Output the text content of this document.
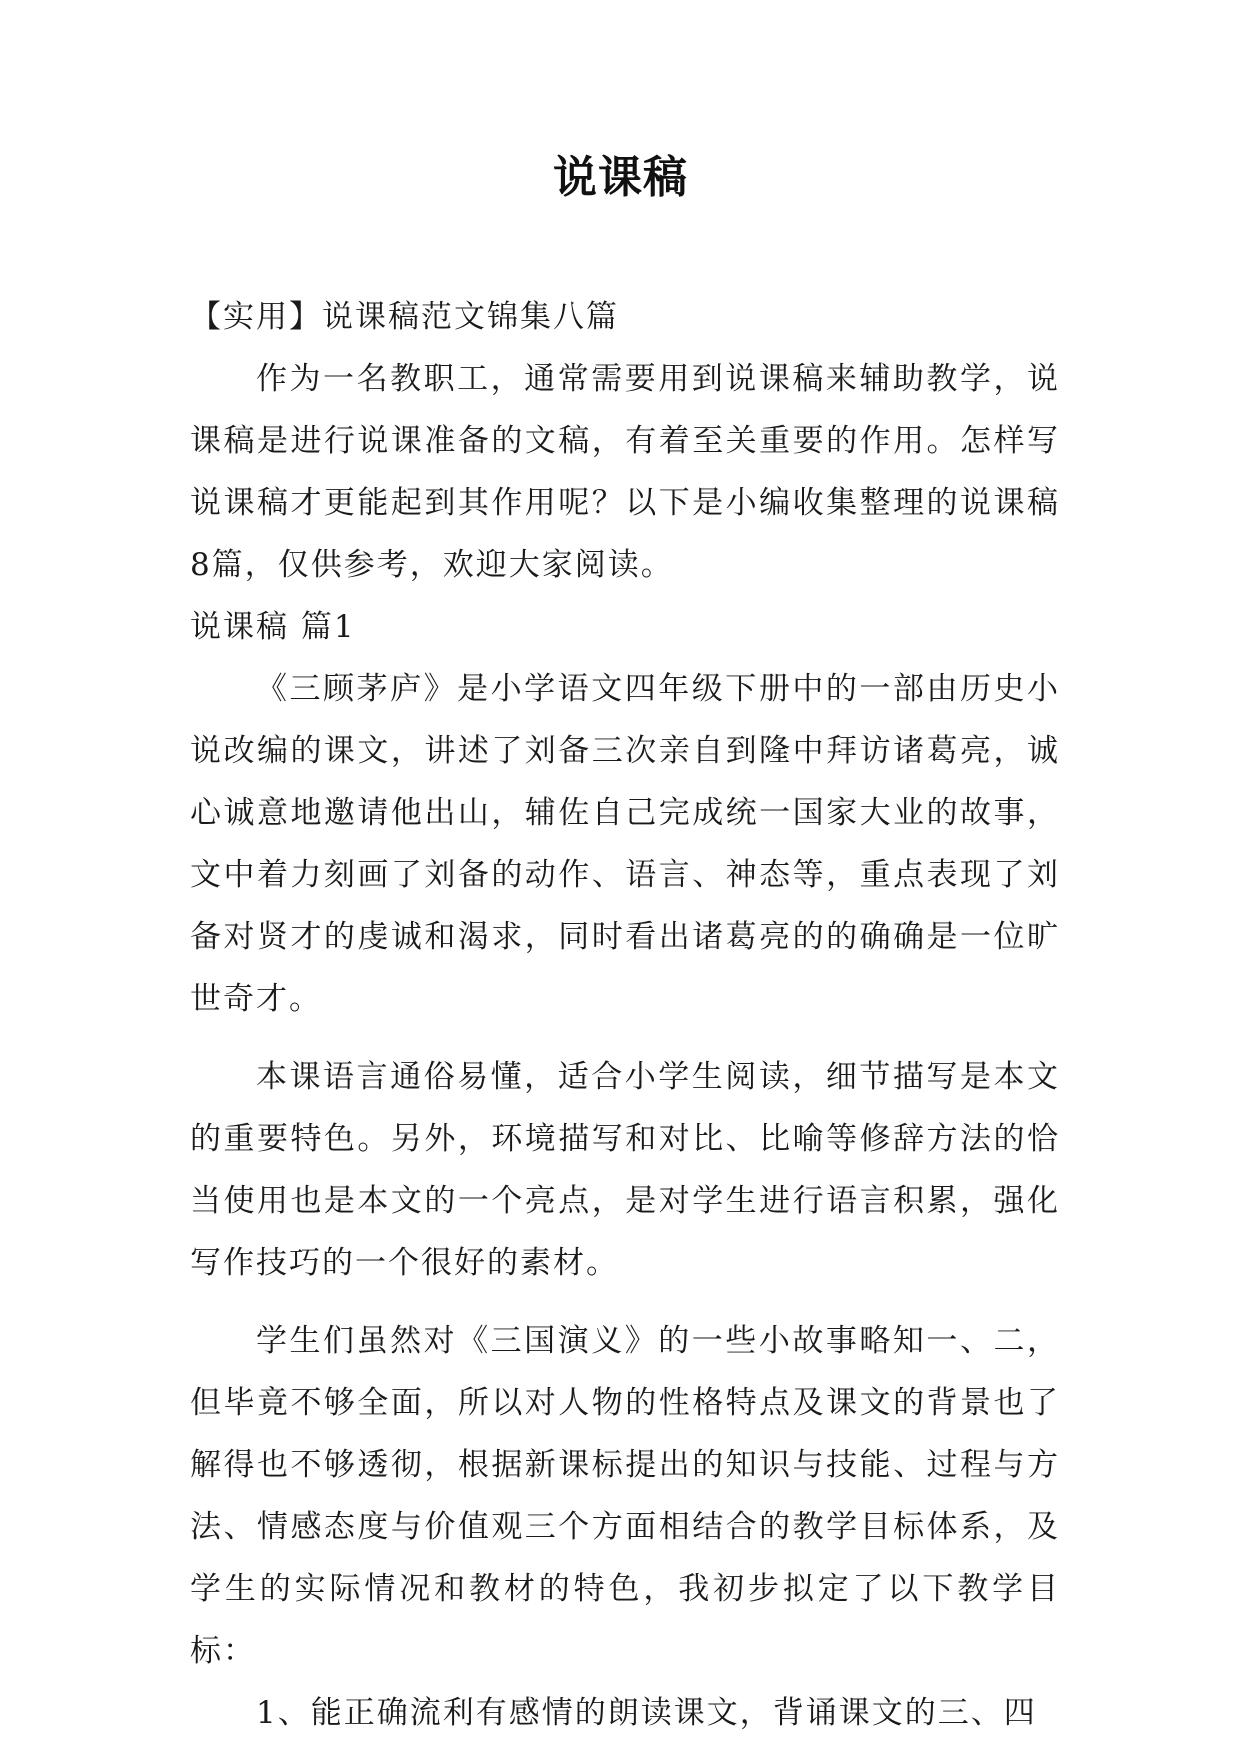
说课稿

【实用】说课稿范文锦集八篇

作为一名教职工，通常需要用到说课稿来辅助教学，说课稿是进行说课准备的文稿，有着至关重要的作用。怎样写说课稿才更能起到其作用呢？以下是小编收集整理的说课稿8篇，仅供参考，欢迎大家阅读。

说课稿 篇1

《三顾茅庐》是小学语文四年级下册中的一部由历史小说改编的课文，讲述了刘备三次亲自到隆中拜访诸葛亮，诚心诚意地邀请他出山，辅佐自己完成统一国家大业的故事，文中着力刻画了刘备的动作、语言、神态等，重点表现了刘备对贤才的虔诚和渴求，同时看出诸葛亮的的确确是一位旷世奇才。

本课语言通俗易懂，适合小学生阅读，细节描写是本文的重要特色。另外，环境描写和对比、比喻等修辞方法的恰当使用也是本文的一个亮点，是对学生进行语言积累，强化写作技巧的一个很好的素材。

学生们虽然对《三国演义》的一些小故事略知一、二，但毕竟不够全面，所以对人物的性格特点及课文的背景也了解得也不够透彻，根据新课标提出的知识与技能、过程与方法、情感态度与价值观三个方面相结合的教学目标体系，及学生的实际情况和教材的特色，我初步拟定了以下教学目标：

1、能正确流利有感情的朗读课文，背诵课文的三、四
